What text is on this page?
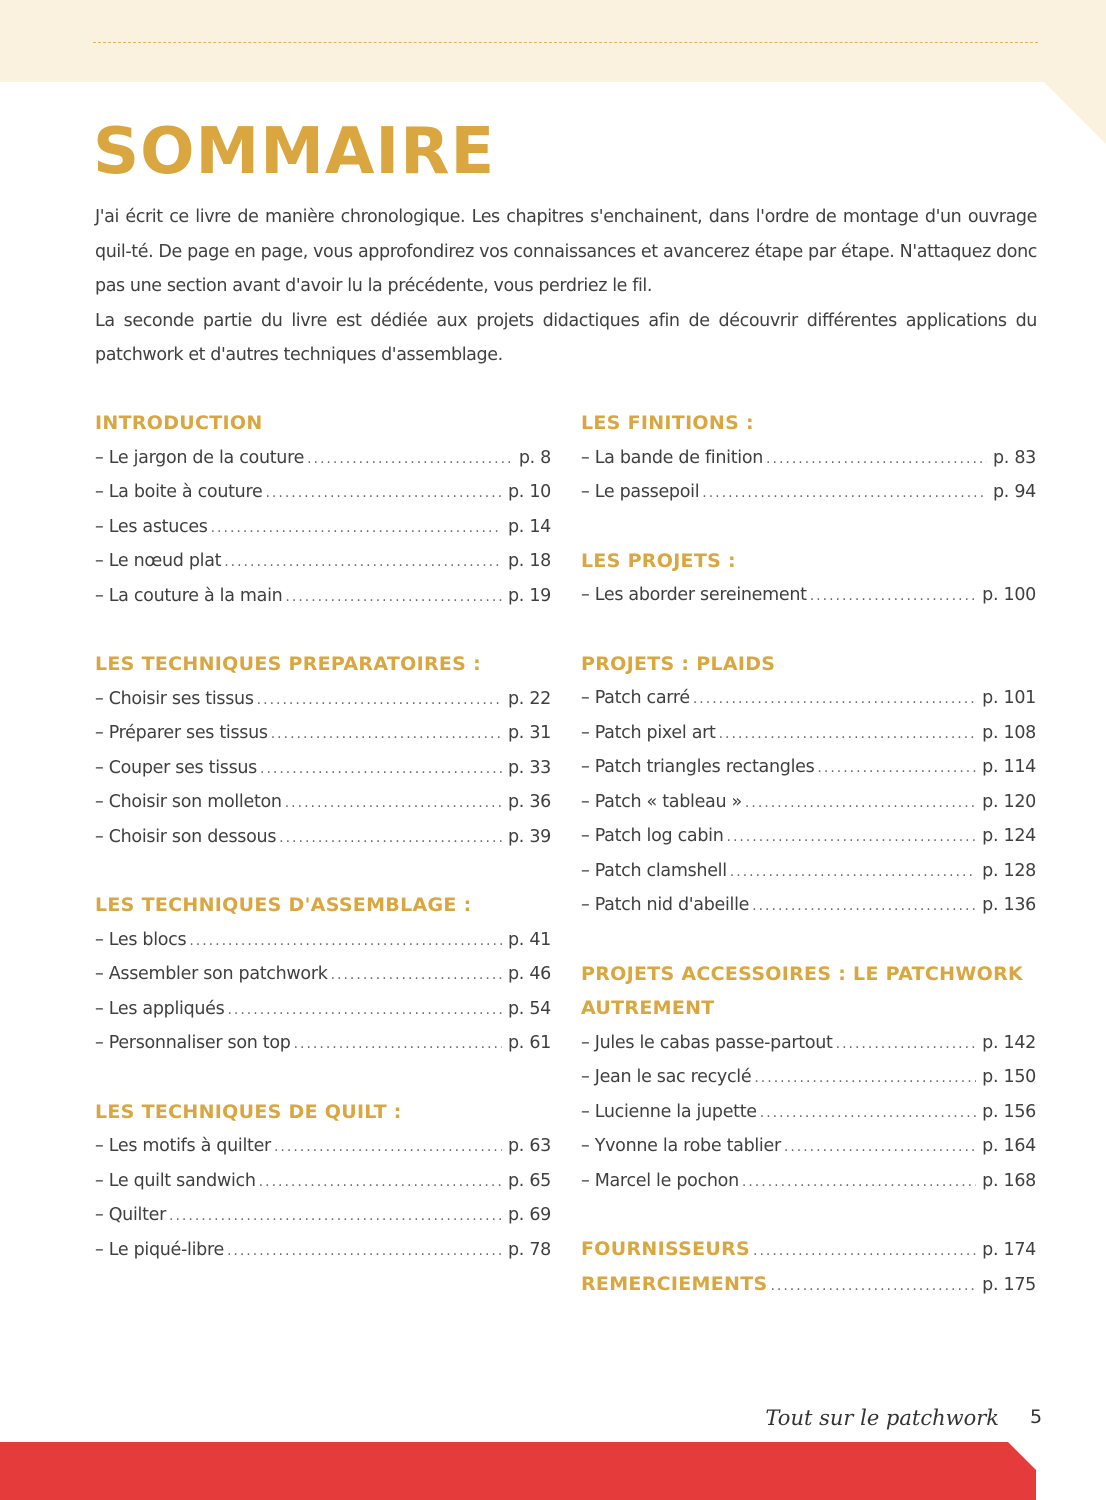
SOMMAIRE

J'ai écrit ce livre de manière chronologique. Les chapitres s'enchainent, dans l'ordre de montage d'un ouvrage quil-té. De page en page, vous approfondirez vos connaissances et avancerez étape par étape. N'attaquez donc pas une section avant d'avoir lu la précédente, vous perdriez le fil.

La seconde partie du livre est dédiée aux projets didactiques afin de découvrir différentes applications du patchwork et d'autres techniques d'assemblage.

INTRODUCTION
– Le jargon de la couture .....	p. 8
– La boite à couture .....	p. 10
– Les astuces .....	p. 14
– Le nœud plat .....	p. 18
– La couture à la main .....	p. 19
LES TECHNIQUES PREPARATOIRES :
– Choisir ses tissus .....	p. 22
– Préparer ses tissus .....	p. 31
– Couper ses tissus .....	p. 33
– Choisir son molleton .....	p. 36
– Choisir son dessous .....	p. 39
LES TECHNIQUES D'ASSEMBLAGE :
– Les blocs .....	p. 41
– Assembler son patchwork .....	p. 46
– Les appliqués .....	p. 54
– Personnaliser son top .....	p. 61
LES TECHNIQUES DE QUILT :
– Les motifs à quilter .....	p. 63
– Le quilt sandwich .....	p. 65
– Quilter .....	p. 69
– Le piqué-libre .....	p. 78
LES FINITIONS :
– La bande de finition .....	p. 83
– Le passepoil .....	p. 94
LES PROJETS :
– Les aborder sereinement .....	p. 100
PROJETS : PLAIDS
– Patch carré .....	p. 101
– Patch pixel art .....	p. 108
– Patch triangles rectangles .....	p. 114
– Patch « tableau » .....	p. 120
– Patch log cabin .....	p. 124
– Patch clamshell .....	p. 128
– Patch nid d'abeille .....	p. 136
PROJETS ACCESSOIRES : LE PATCHWORK
AUTREMENT
– Jules le cabas passe-partout .....	p. 142
– Jean le sac recyclé .....	p. 150
– Lucienne la jupette .....	p. 156
– Yvonne la robe tablier .....	p. 164
– Marcel le pochon .....	p. 168
FOURNISSEURS .....	p. 174
REMERCIEMENTS .....	p. 175
Tout sur le patchwork 5
